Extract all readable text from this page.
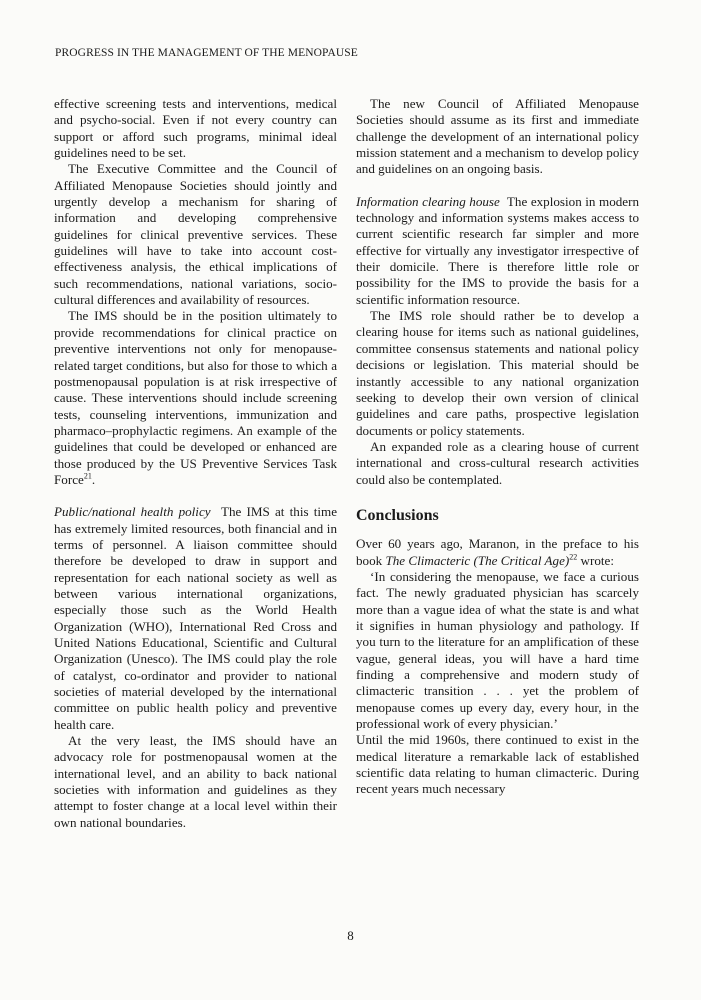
PROGRESS IN THE MANAGEMENT OF THE MENOPAUSE

effective screening tests and interventions, medical and psycho-social. Even if not every country can support or afford such programs, minimal ideal guidelines need to be set.

The Executive Committee and the Council of Affiliated Menopause Societies should jointly and urgently develop a mechanism for sharing of information and developing comprehensive guidelines for clinical preventive services. These guidelines will have to take into account cost-effectiveness analysis, the ethical implications of such recommendations, national variations, socio-cultural differences and availability of resources.

The IMS should be in the position ultimately to provide recommendations for clinical practice on preventive interventions not only for menopause-related target conditions, but also for those to which a postmenopausal population is at risk irrespective of cause. These interventions should include screening tests, counseling interventions, immunization and pharmaco–prophylactic regimens. An example of the guidelines that could be developed or enhanced are those produced by the US Preventive Services Task Force$^{21}$.

Public/national health policy The IMS at this time has extremely limited resources, both financial and in terms of personnel. A liaison committee should therefore be developed to draw in support and representation for each national society as well as between various international organizations, especially those such as the World Health Organization (WHO), International Red Cross and United Nations Educational, Scientific and Cultural Organization (Unesco). The IMS could play the role of catalyst, co-ordinator and provider to national societies of material developed by the international committee on public health policy and preventive health care.

At the very least, the IMS should have an advocacy role for postmenopausal women at the international level, and an ability to back national societies with information and guidelines as they attempt to foster change at a local level within their own national boundaries.

The new Council of Affiliated Menopause Societies should assume as its first and immediate challenge the development of an international policy mission statement and a mechanism to develop policy and guidelines on an ongoing basis.

Information clearing house The explosion in modern technology and information systems makes access to current scientific research far simpler and more effective for virtually any investigator irrespective of their domicile. There is therefore little role or possibility for the IMS to provide the basis for a scientific information resource.

The IMS role should rather be to develop a clearing house for items such as national guidelines, committee consensus statements and national policy decisions or legislation. This material should be instantly accessible to any national organization seeking to develop their own version of clinical guidelines and care paths, prospective legislation documents or policy statements.

An expanded role as a clearing house of current international and cross-cultural research activities could also be contemplated.

Conclusions

Over 60 years ago, Maranon, in the preface to his book The Climacteric (The Critical Age)$^{22}$ wrote:

‘In considering the menopause, we face a curious fact. The newly graduated physician has scarcely more than a vague idea of what the state is and what it signifies in human physiology and pathology. If you turn to the literature for an amplification of these vague, general ideas, you will have a hard time finding a comprehensive and modern study of climacteric transition . . . yet the problem of menopause comes up every day, every hour, in the professional work of every physician.’

Until the mid 1960s, there continued to exist in the medical literature a remarkable lack of established scientific data relating to human climacteric. During recent years much necessary

8
